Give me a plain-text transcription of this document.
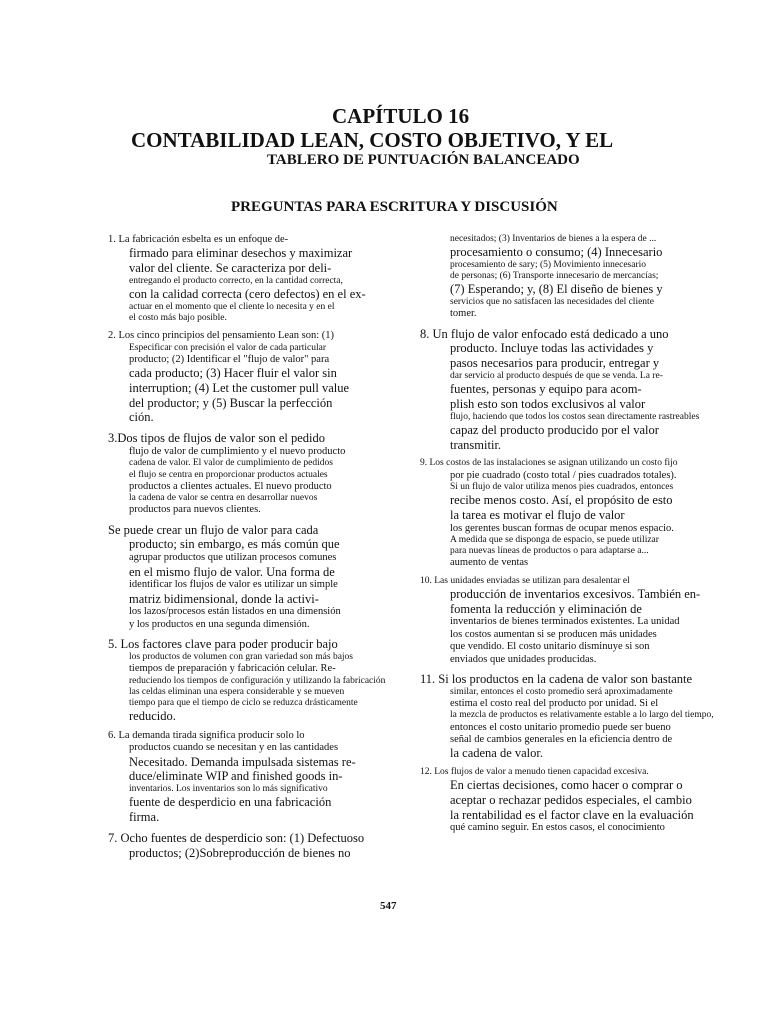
CAPÍTULO 16
CONTABILIDAD LEAN, COSTO OBJETIVO, Y EL
TABLERO DE PUNTUACIÓN BALANCEADO
PREGUNTAS PARA ESCRITURA Y DISCUSIÓN
1. La fabricación esbelta es un enfoque de-
firmado para eliminar desechos y maximizar
valor del cliente. Se caracteriza por deli-
entregando el producto correcto, en la cantidad correcta,
con la calidad correcta (cero defectos) en el ex-
actuar en el momento que el cliente lo necesita y en el
el costo más bajo posible.
2. Los cinco principios del pensamiento Lean son: (1)
Especificar con precisión el valor de cada particular
producto; (2) Identificar el "flujo de valor" para
cada producto; (3) Hacer fluir el valor sin
interruption; (4) Let the customer pull value
del productor; y (5) Buscar la perfección
ción.
3.Dos tipos de flujos de valor son el pedido
flujo de valor de cumplimiento y el nuevo producto
cadena de valor. El valor de cumplimiento de pedidos
el flujo se centra en proporcionar productos actuales
productos a clientes actuales. El nuevo producto
la cadena de valor se centra en desarrollar nuevos
productos para nuevos clientes.
Se puede crear un flujo de valor para cada
producto; sin embargo, es más común que
agrupar productos que utilizan procesos comunes
en el mismo flujo de valor. Una forma de
identificar los flujos de valor es utilizar un simple
matriz bidimensional, donde la activi-
los lazos/procesos están listados en una dimensión
y los productos en una segunda dimensión.
5. Los factores clave para poder producir bajo
los productos de volumen con gran variedad son más bajos
tiempos de preparación y fabricación celular. Re-
reduciendo los tiempos de configuración y utilizando la fabricación
las celdas eliminan una espera considerable y se mueven
tiempo para que el tiempo de ciclo se reduzca drásticamente
reducido.
6. La demanda tirada significa producir solo lo
productos cuando se necesitan y en las cantidades
Necesitado. Demanda impulsada sistemas re-
duce/eliminate WIP and finished goods in-
inventarios. Los inventarios son lo más significativo
fuente de desperdicio en una fabricación
firma.
7. Ocho fuentes de desperdicio son: (1) Defectuoso
productos; (2)Sobreproducción de bienes no
necesitados; (3) Inventarios de bienes a la espera de ...
procesamiento o consumo; (4) Innecesario
procesamiento de sary; (5) Movimiento innecesario
de personas; (6) Transporte innecesario de mercancías;
(7) Esperando; y, (8) El diseño de bienes y
servicios que no satisfacen las necesidades del cliente
tomer.
8. Un flujo de valor enfocado está dedicado a uno
producto. Incluye todas las actividades y
pasos necesarios para producir, entregar y
dar servicio al producto después de que se venda. La re-
fuentes, personas y equipo para acom-
plish esto son todos exclusivos al valor
flujo, haciendo que todos los costos sean directamente rastreables
capaz del producto producido por el valor
transmitir.
9. Los costos de las instalaciones se asignan utilizando un costo fijo
por pie cuadrado (costo total / pies cuadrados totales).
Si un flujo de valor utiliza menos pies cuadrados, entonces
recibe menos costo. Así, el propósito de esto
la tarea es motivar el flujo de valor
los gerentes buscan formas de ocupar menos espacio.
A medida que se disponga de espacio, se puede utilizar
para nuevas líneas de productos o para adaptarse a...
aumento de ventas
10. Las unidades enviadas se utilizan para desalentar el
producción de inventarios excesivos. También en-
fomenta la reducción y eliminación de
inventarios de bienes terminados existentes. La unidad
los costos aumentan si se producen más unidades
que vendido. El costo unitario disminuye si son
enviados que unidades producidas.
11. Si los productos en la cadena de valor son bastante
similar, entonces el costo promedio será aproximadamente
estima el costo real del producto por unidad. Si el
la mezcla de productos es relativamente estable a lo largo del tiempo,
entonces el costo unitario promedio puede ser bueno
señal de cambios generales en la eficiencia dentro de
la cadena de valor.
12. Los flujos de valor a menudo tienen capacidad excesiva.
En ciertas decisiones, como hacer o comprar o
aceptar o rechazar pedidos especiales, el cambio
la rentabilidad es el factor clave en la evaluación
qué camino seguir. En estos casos, el conocimiento

547
